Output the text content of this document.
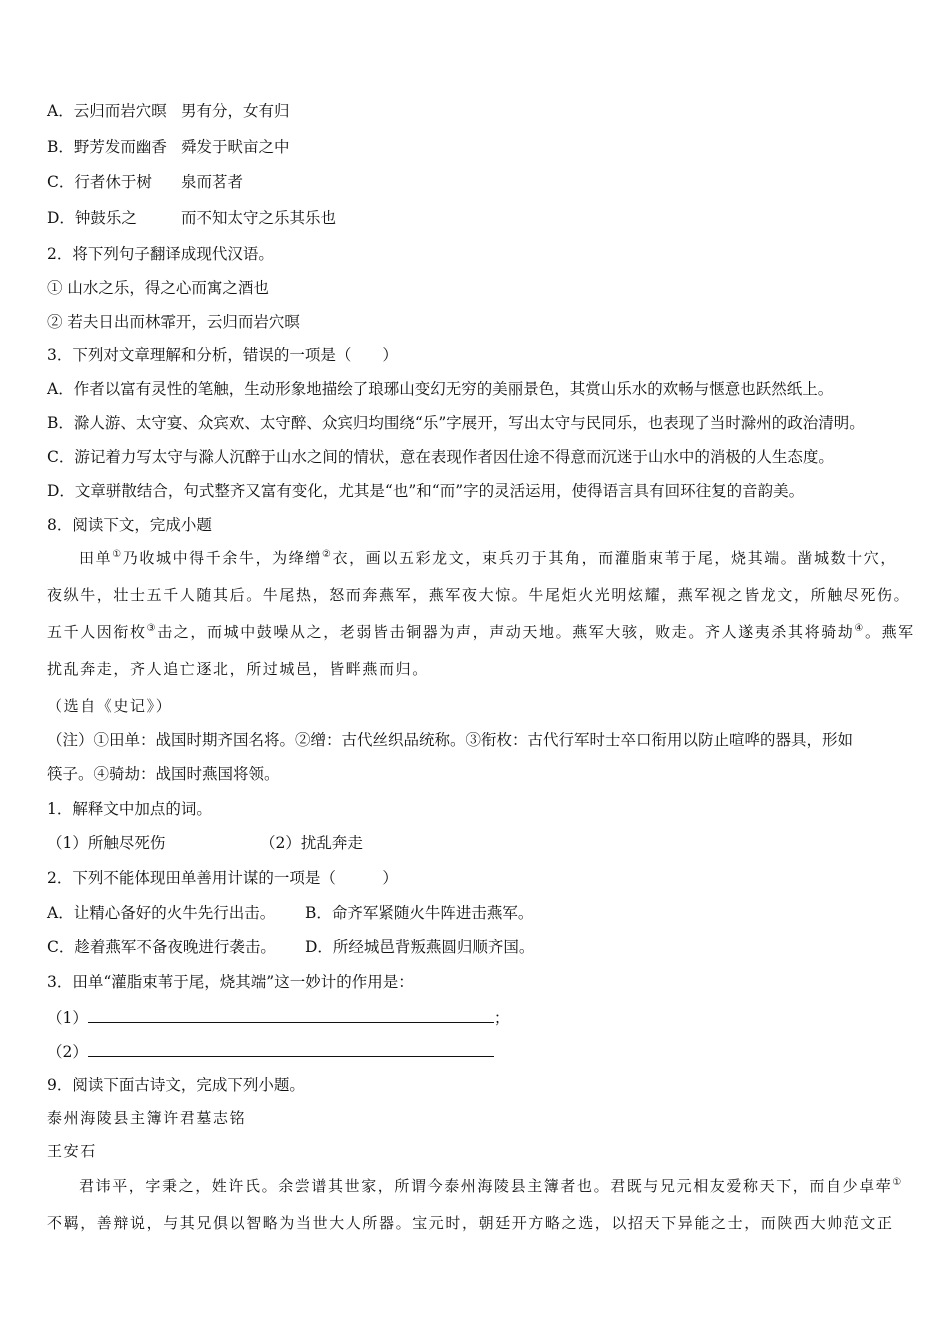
A．云归而岩穴暝 男有分，女有归
B．野芳发而幽香 舜发于畎亩之中
C．行者休于树 泉而茗者
D．钟鼓乐之	而不知太守之乐其乐也
2．将下列句子翻译成现代汉语。
① 山水之乐，得之心而寓之酒也
② 若夫日出而林霏开，云归而岩穴暝
3．下列对文章理解和分析，错误的一项是（　　）
A．作者以富有灵性的笔触，生动形象地描绘了琅琊山变幻无穷的美丽景色，其赏山乐水的欢畅与惬意也跃然纸上。
B．滁人游、太守宴、众宾欢、太守醉、众宾归均围绕“乐”字展开，写出太守与民同乐，也表现了当时滁州的政治清明。
C．游记着力写太守与滁人沉醉于山水之间的情状，意在表现作者因仕途不得意而沉迷于山水中的消极的人生态度。
D．文章骈散结合，句式整齐又富有变化，尤其是“也”和“而”字的灵活运用，使得语言具有回环往复的音韵美。
8．阅读下文，完成小题
田单①乃收城中得千余牛，为绛缯②衣，画以五彩龙文，束兵刃于其角，而灌脂束苇于尾，烧其端。凿城数十穴，
夜纵牛，壮士五千人随其后。牛尾热，怒而奔燕军，燕军夜大惊。牛尾炬火光明炫耀，燕军视之皆龙文，所触尽死伤。
五千人因衔枚③击之，而城中鼓噪从之，老弱皆击铜器为声，声动天地。燕军大骇，败走。齐人遂夷杀其将骑劫④。燕军
扰乱奔走，齐人追亡逐北，所过城邑，皆畔燕而归。
（选自《史记》）
（注）①田单：战国时期齐国名将。②缯：古代丝织品统称。③衔枚：古代行军时士卒口衔用以防止喧哗的器具，形如
筷子。④骑劫：战国时燕国将领。
1．解释文中加点的词。
（1）所触尽死伤	（2）扰乱奔走
2．下列不能体现田单善用计谋的一项是（　　　）
A．让精心备好的火牛先行出击。 B．命齐军紧随火牛阵进击燕军。
C．趁着燕军不备夜晚进行袭击。 D．所经城邑背叛燕圆归顺齐国。
3．田单“灌脂束苇于尾，烧其端”这一妙计的作用是：
（1）	；
（2）
9．阅读下面古诗文，完成下列小题。
泰州海陵县主簿许君墓志铭
王安石
君讳平，字秉之，姓许氏。余尝谱其世家，所谓今泰州海陵县主簿者也。君既与兄元相友爱称天下，而自少卓荦①
不羁，善辩说，与其兄俱以智略为当世大人所器。宝元时，朝廷开方略之选，以招天下异能之士，而陕西大帅范文正
